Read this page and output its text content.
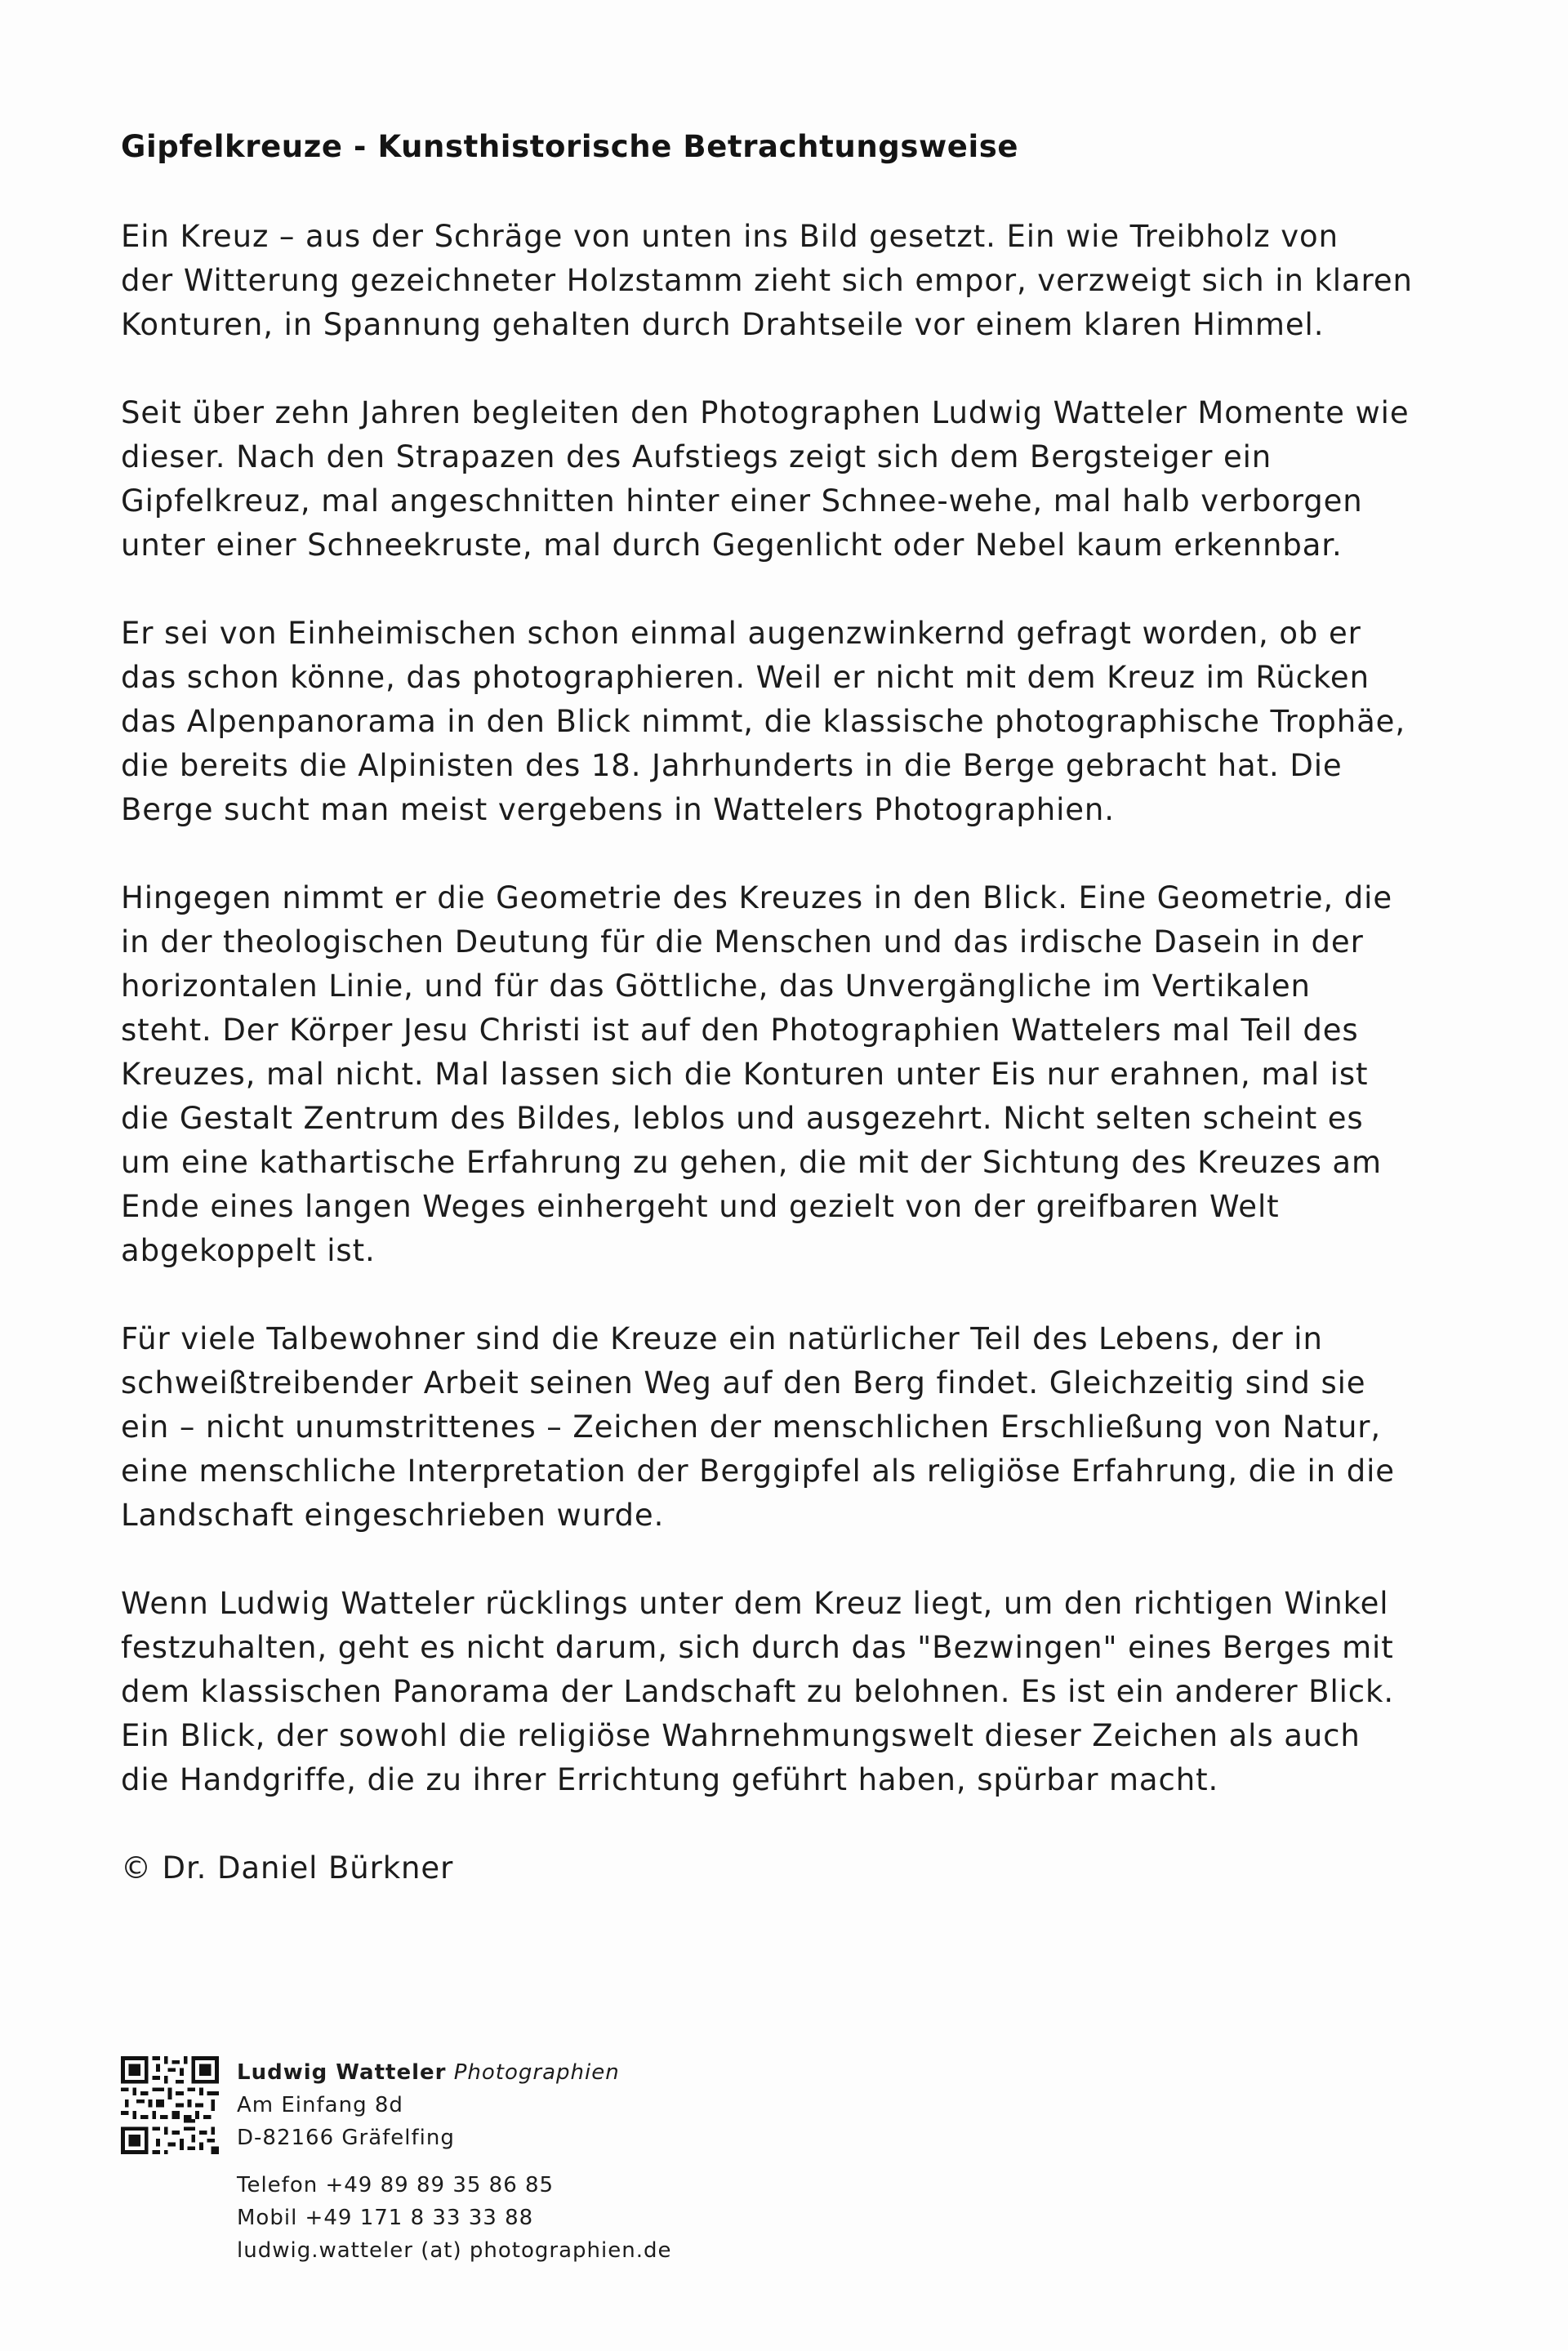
Gipfelkreuze - Kunsthistorische Betrachtungsweise

Ein Kreuz – aus der Schräge von unten ins Bild gesetzt. Ein wie Treibholz von
der Witterung gezeichneter Holzstamm zieht sich empor, verzweigt sich in klaren
Konturen, in Spannung gehalten durch Drahtseile vor einem klaren Himmel.

Seit über zehn Jahren begleiten den Photographen Ludwig Watteler Momente wie
dieser. Nach den Strapazen des Aufstiegs zeigt sich dem Bergsteiger ein
Gipfelkreuz, mal angeschnitten hinter einer Schnee-wehe, mal halb verborgen
unter einer Schneekruste, mal durch Gegenlicht oder Nebel kaum erkennbar.

Er sei von Einheimischen schon einmal augenzwinkernd gefragt worden, ob er
das schon könne, das photographieren. Weil er nicht mit dem Kreuz im Rücken
das Alpenpanorama in den Blick nimmt, die klassische photographische Trophäe,
die bereits die Alpinisten des 18. Jahrhunderts in die Berge gebracht hat. Die
Berge sucht man meist vergebens in Wattelers Photographien.

Hingegen nimmt er die Geometrie des Kreuzes in den Blick. Eine Geometrie, die
in der theologischen Deutung für die Menschen und das irdische Dasein in der
horizontalen Linie, und für das Göttliche, das Unvergängliche im Vertikalen
steht. Der Körper Jesu Christi ist auf den Photographien Wattelers mal Teil des
Kreuzes, mal nicht. Mal lassen sich die Konturen unter Eis nur erahnen, mal ist
die Gestalt Zentrum des Bildes, leblos und ausgezehrt. Nicht selten scheint es
um eine kathartische Erfahrung zu gehen, die mit der Sichtung des Kreuzes am
Ende eines langen Weges einhergeht und gezielt von der greifbaren Welt
abgekoppelt ist.

Für viele Talbewohner sind die Kreuze ein natürlicher Teil des Lebens, der in
schweißtreibender Arbeit seinen Weg auf den Berg findet. Gleichzeitig sind sie
ein – nicht unumstrittenes – Zeichen der menschlichen Erschließung von Natur,
eine menschliche Interpretation der Berggipfel als religiöse Erfahrung, die in die
Landschaft eingeschrieben wurde.

Wenn Ludwig Watteler rücklings unter dem Kreuz liegt, um den richtigen Winkel
festzuhalten, geht es nicht darum, sich durch das "Bezwingen" eines Berges mit
dem klassischen Panorama der Landschaft zu belohnen. Es ist ein anderer Blick.
Ein Blick, der sowohl die religiöse Wahrnehmungswelt dieser Zeichen als auch
die Handgriffe, die zu ihrer Errichtung geführt haben, spürbar macht.

© Dr. Daniel Bürkner

Ludwig Watteler Photographien
Am Einfang 8d
D-82166 Gräfelfing
Telefon +49 89 89 35 86 85
Mobil +49 171 8 33 33 88
ludwig.watteler (at) photographien.de
